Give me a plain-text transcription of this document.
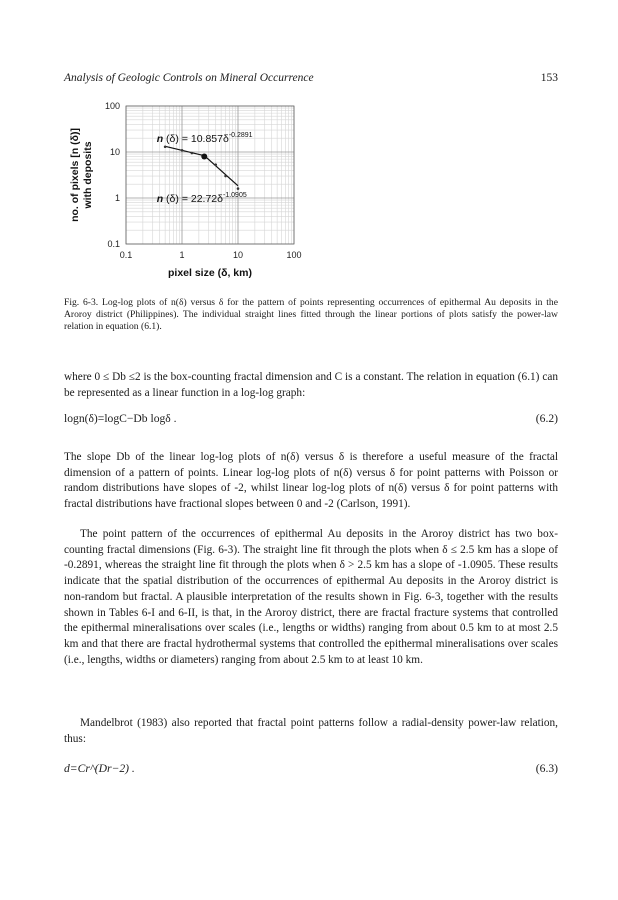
Analysis of Geologic Controls on Mineral Occurrence	153
0.1	1	10	100
0.1
1
10
100
n $(\delta) = 10.857\delta^{-0.2891}$
n $(\delta) = 22.72\delta^{-1.0905}$
pixel size (δ, km)
no. of pixels [n (δ)] with deposits
Fig. 6-3. Log-log plots of n(δ) versus δ for the pattern of points representing occurrences of epithermal Au deposits in the Aroroy district (Philippines). The individual straight lines fitted through the linear portions of plots satisfy the power-law relation in equation (6.1).

where 0 ≤ Db ≤2 is the box-counting fractal dimension and C is a constant. The relation in equation (6.1) can be represented as a linear function in a log-log graph:

logn(δ)=logC−Db logδ .	(6.2)

The slope Db of the linear log-log plots of n(δ) versus δ is therefore a useful measure of the fractal dimension of a pattern of points. Linear log-log plots of n(δ) versus δ for point patterns with Poisson or random distributions have slopes of -2, whilst linear log-log plots of n(δ) versus δ for point patterns with fractal distributions have fractional slopes between 0 and -2 (Carlson, 1991).

The point pattern of the occurrences of epithermal Au deposits in the Aroroy district has two box-counting fractal dimensions (Fig. 6-3). The straight line fit through the plots when δ ≤ 2.5 km has a slope of -0.2891, whereas the straight line fit through the plots when δ > 2.5 km has a slope of -1.0905. These results indicate that the spatial distribution of the occurrences of epithermal Au deposits in the Aroroy district is non-random but fractal. A plausible interpretation of the results shown in Fig. 6-3, together with the results shown in Tables 6-I and 6-II, is that, in the Aroroy district, there are fractal fracture systems that controlled the epithermal mineralisations over scales (i.e., lengths or widths) ranging from about 0.5 km to at most 2.5 km and that there are fractal hydrothermal systems that controlled the epithermal mineralisations over scales (i.e., lengths, widths or diameters) ranging from about 2.5 km to at least 10 km.

Mandelbrot (1983) also reported that fractal point patterns follow a radial-density power-law relation, thus:

d=Cr^(Dr−2) .	(6.3)
